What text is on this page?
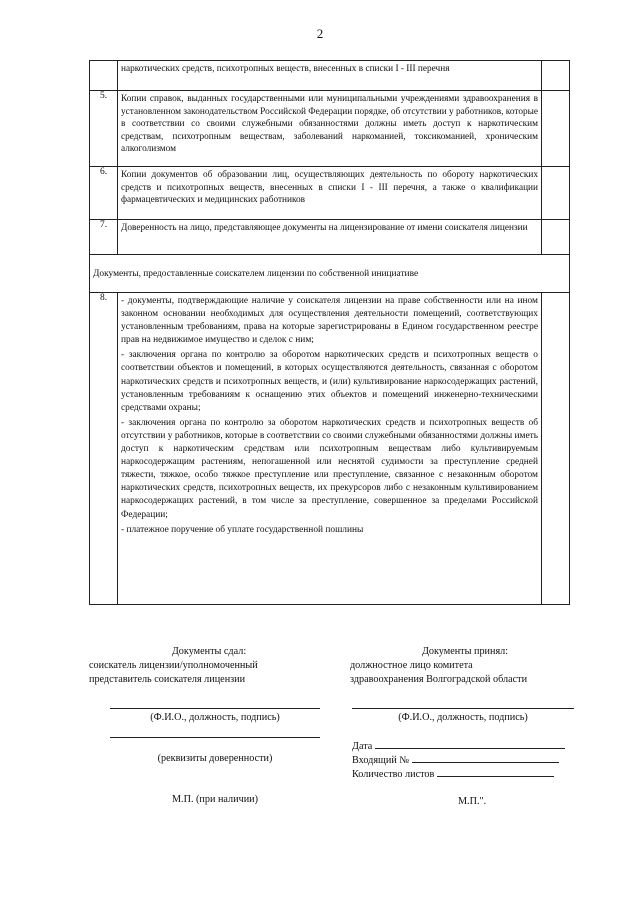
2

	наркотических средств, психотропных веществ, внесенных в списки I - III перечня	

5.	Копии справок, выданных государственными или муниципальными учреждениями здравоохранения в установленном законодательством Российской Федерации порядке, об отсутствии у работников, которые в соответствии со своими служебными обязанностями должны иметь доступ к наркотическим средствам, психотропным веществам, заболеваний наркоманией, токсикоманией, хроническим алкоголизмом	

6.	Копии документов об образовании лиц, осуществляющих деятельность по обороту наркотических средств и психотропных веществ, внесенных в списки I - III перечня, а также о квалификации фармацевтических и медицинских работников	

7.	Доверенность на лицо, представляющее документы на лицензирование от имени соискателя лицензии	

Документы, предоставленные соискателем лицензии по собственной инициативе		

8.	- документы, подтверждающие наличие у соискателя лицензии на праве собственности или на ином законном основании необходимых для осуществления деятельности помещений, соответствующих установленным требованиям, права на которые зарегистрированы в Едином государственном реестре прав на недвижимое имущество и сделок с ним;
- заключения органа по контролю за оборотом наркотических средств и психотропных веществ о соответствии объектов и помещений, в которых осуществляются деятельность, связанная с оборотом наркотических средств и психотропных веществ, и (или) культивирование наркосодержащих растений, установленным требованиям к оснащению этих объектов и помещений инженерно-техническими средствами охраны;
- заключения органа по контролю за оборотом наркотических средств и психотропных веществ об отсутствии у работников, которые в соответствии со своими служебными обязанностями должны иметь доступ к наркотическим средствам или психотропным веществам либо культивируемым наркосодержащим растениям, непогашенной или неснятой судимости за преступление средней тяжести, тяжкое, особо тяжкое преступление или преступление, связанное с незаконным оборотом наркотических средств, психотропных веществ, их прекурсоров либо с незаконным культивированием наркосодержащих растений, в том числе за преступление, совершенное за пределами Российской Федерации;
- платежное поручение об уплате государственной пошлины	

Документы сдал:
соискатель лицензии/уполномоченный
представитель соискателя лицензии
(Ф.И.О., должность, подпись)
(реквизиты доверенности)
М.П. (при наличии)
Документы принял:
должностное лицо комитета
здравоохранения Волгоградской области
(Ф.И.О., должность, подпись)
Дата
Входящий №
Количество листов
М.П.".
